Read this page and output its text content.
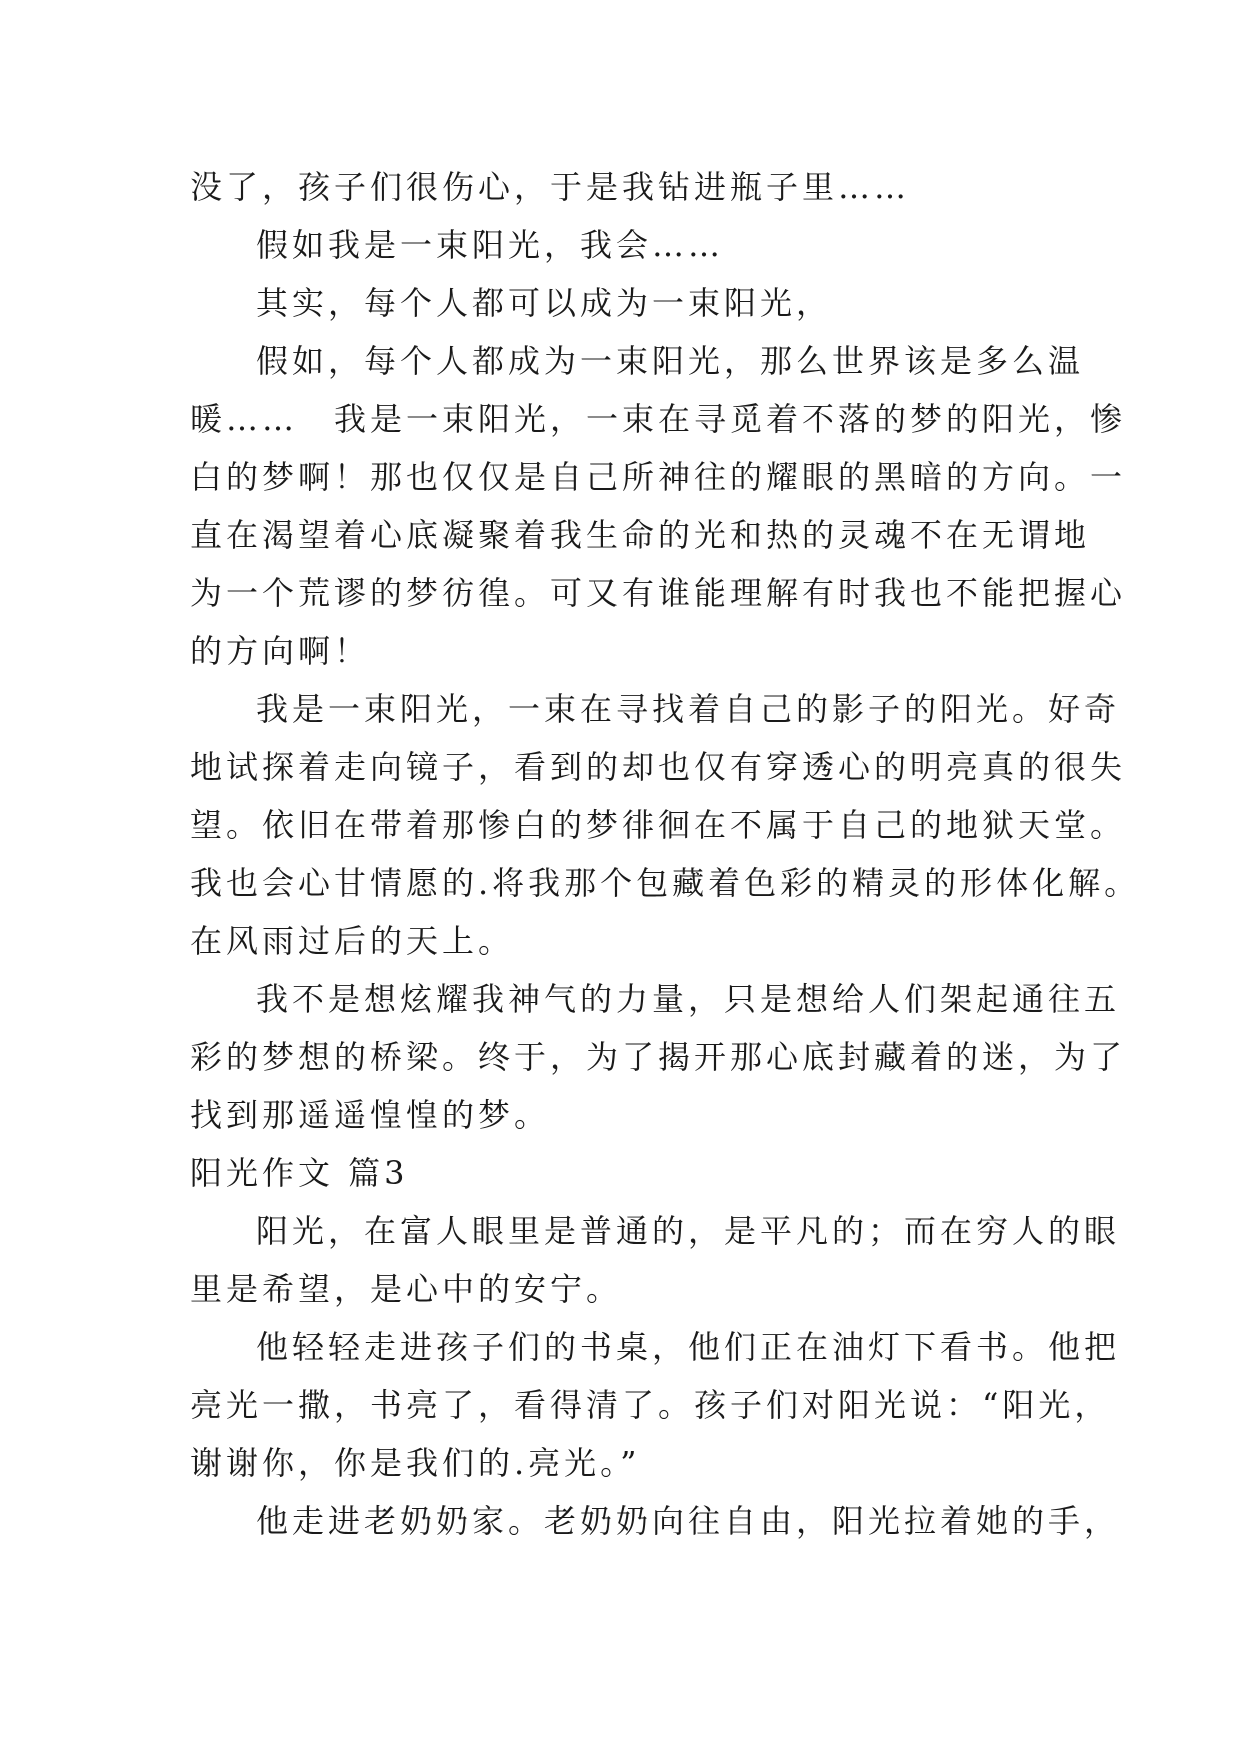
没了，孩子们很伤心，于是我钻进瓶子里……
假如我是一束阳光，我会……
其实，每个人都可以成为一束阳光，
假如，每个人都成为一束阳光，那么世界该是多么温
暖……　我是一束阳光，一束在寻觅着不落的梦的阳光，惨
白的梦啊！那也仅仅是自己所神往的耀眼的黑暗的方向。一
直在渴望着心底凝聚着我生命的光和热的灵魂不在无谓地
为一个荒谬的梦彷徨。可又有谁能理解有时我也不能把握心
的方向啊！
我是一束阳光，一束在寻找着自己的影子的阳光。好奇
地试探着走向镜子，看到的却也仅有穿透心的明亮真的很失
望。依旧在带着那惨白的梦徘徊在不属于自己的地狱天堂。
我也会心甘情愿的.将我那个包藏着色彩的精灵的形体化解。
在风雨过后的天上。
我不是想炫耀我神气的力量，只是想给人们架起通往五
彩的梦想的桥梁。终于，为了揭开那心底封藏着的迷，为了
找到那遥遥惶惶的梦。
阳光作文 篇3
阳光，在富人眼里是普通的，是平凡的；而在穷人的眼
里是希望，是心中的安宁。
他轻轻走进孩子们的书桌，他们正在油灯下看书。他把
亮光一撒，书亮了，看得清了。孩子们对阳光说：“阳光，
谢谢你，你是我们的.亮光。”
他走进老奶奶家。老奶奶向往自由，阳光拉着她的手，
